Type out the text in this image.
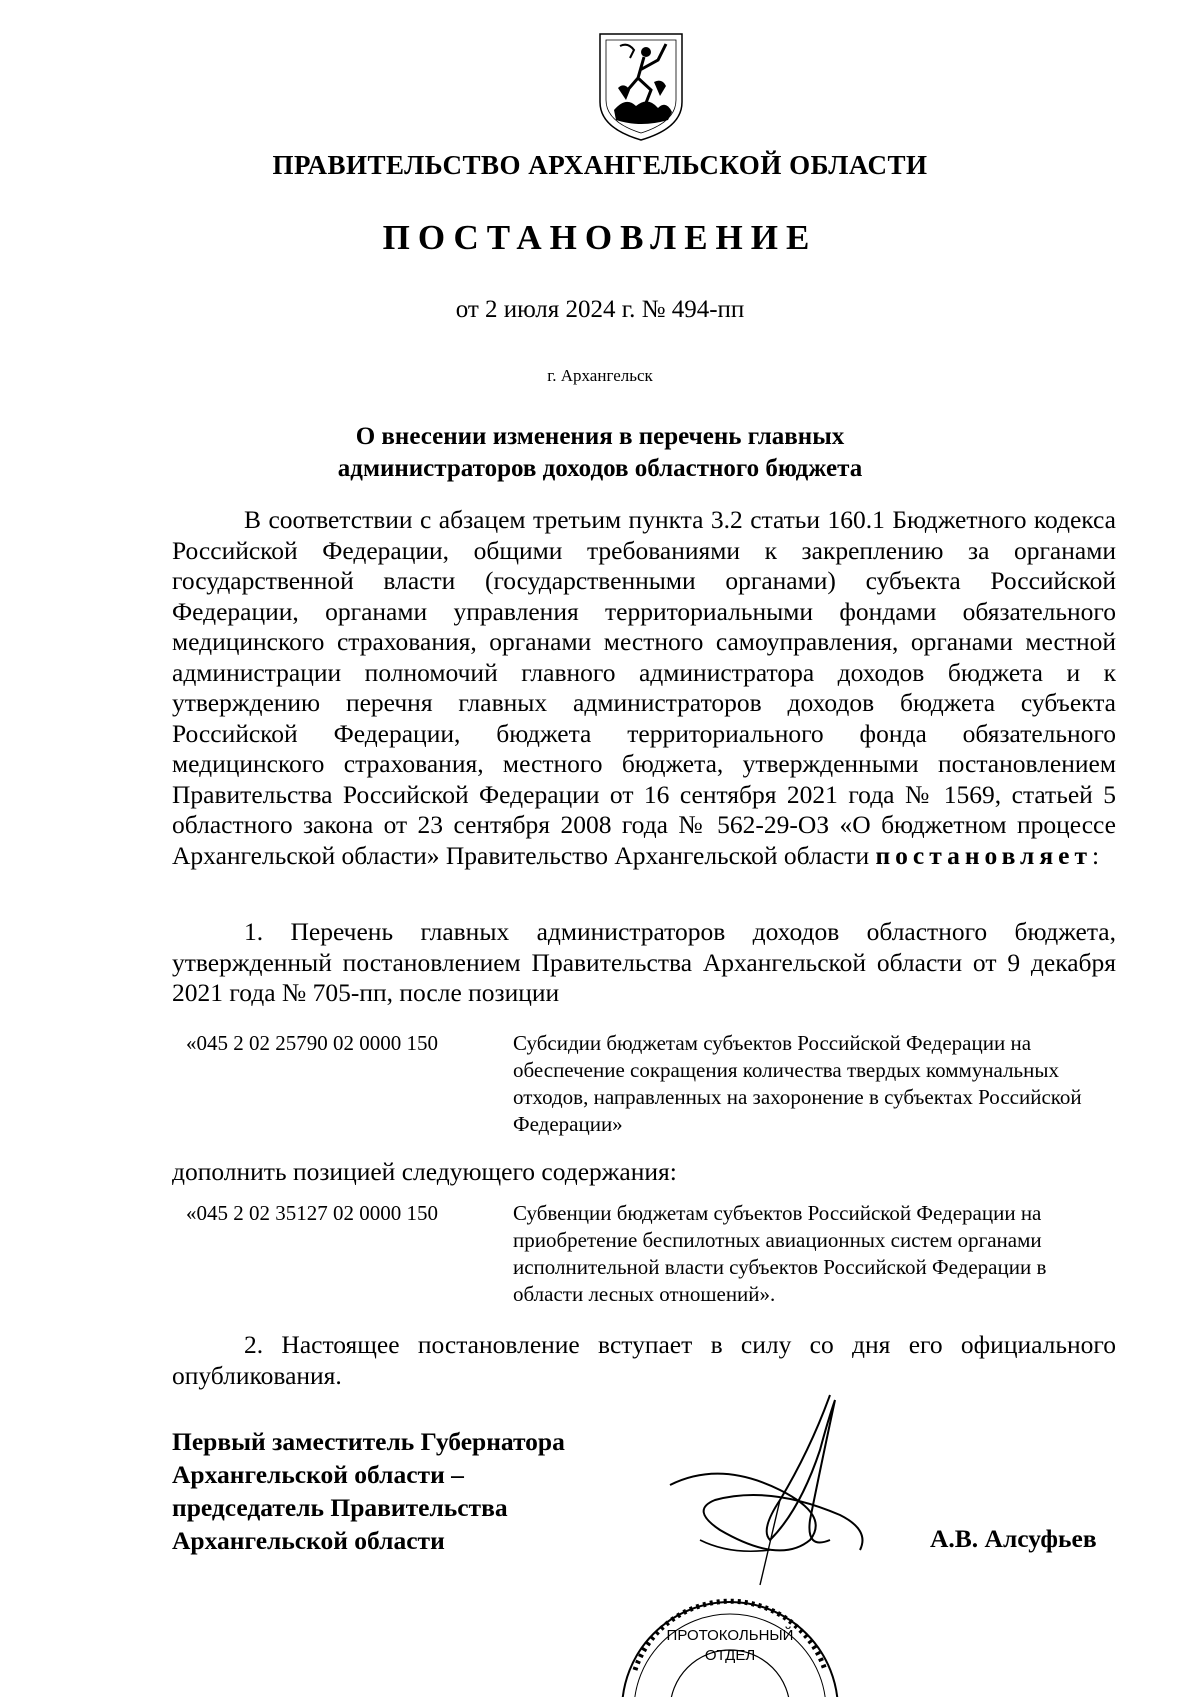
ПРАВИТЕЛЬСТВО АРХАНГЕЛЬСКОЙ ОБЛАСТИ
ПОСТАНОВЛЕНИЕ
от 2 июля 2024 г. № 494-пп
г. Архангельск
О внесении изменения в перечень главных
администраторов доходов областного бюджета
В соответствии с абзацем третьим пункта 3.2 статьи 160.1 Бюджетного кодекса Российской Федерации, общими требованиями к закреплению за органами государственной власти (государственными органами) субъекта Российской Федерации, органами управления территориальными фондами обязательного медицинского страхования, органами местного самоуправления, органами местной администрации полномочий главного администратора доходов бюджета и к утверждению перечня главных администраторов доходов бюджета субъекта Российской Федерации, бюджета территориального фонда обязательного медицинского страхования, местного бюджета, утвержденными постановлением Правительства Российской Федерации от 16 сентября 2021 года № 1569, статьей 5 областного закона от 23 сентября 2008 года № 562-29-ОЗ «О бюджетном процессе Архангельской области» Правительство Архангельской области постановляет:
1. Перечень главных администраторов доходов областного бюджета, утвержденный постановлением Правительства Архангельской области от 9 декабря 2021 года № 705-пп, после позиции
«045 2 02 25790 02 0000 150	Субсидии бюджетам субъектов Российской Федерации на обеспечение сокращения количества твердых коммунальных отходов, направленных на захоронение в субъектах Российской Федерации»
дополнить позицией следующего содержания:
«045 2 02 35127 02 0000 150	Субвенции бюджетам субъектов Российской Федерации на приобретение беспилотных авиационных систем органами исполнительной власти субъектов Российской Федерации в области лесных отношений».
2. Настоящее постановление вступает в силу со дня его официального опубликования.
Первый заместитель Губернатора
Архангельской области –
председатель Правительства
Архангельской области
ПРОТОКОЛЬНЫЙ
ОТДЕЛ
А.В. Алсуфьев
